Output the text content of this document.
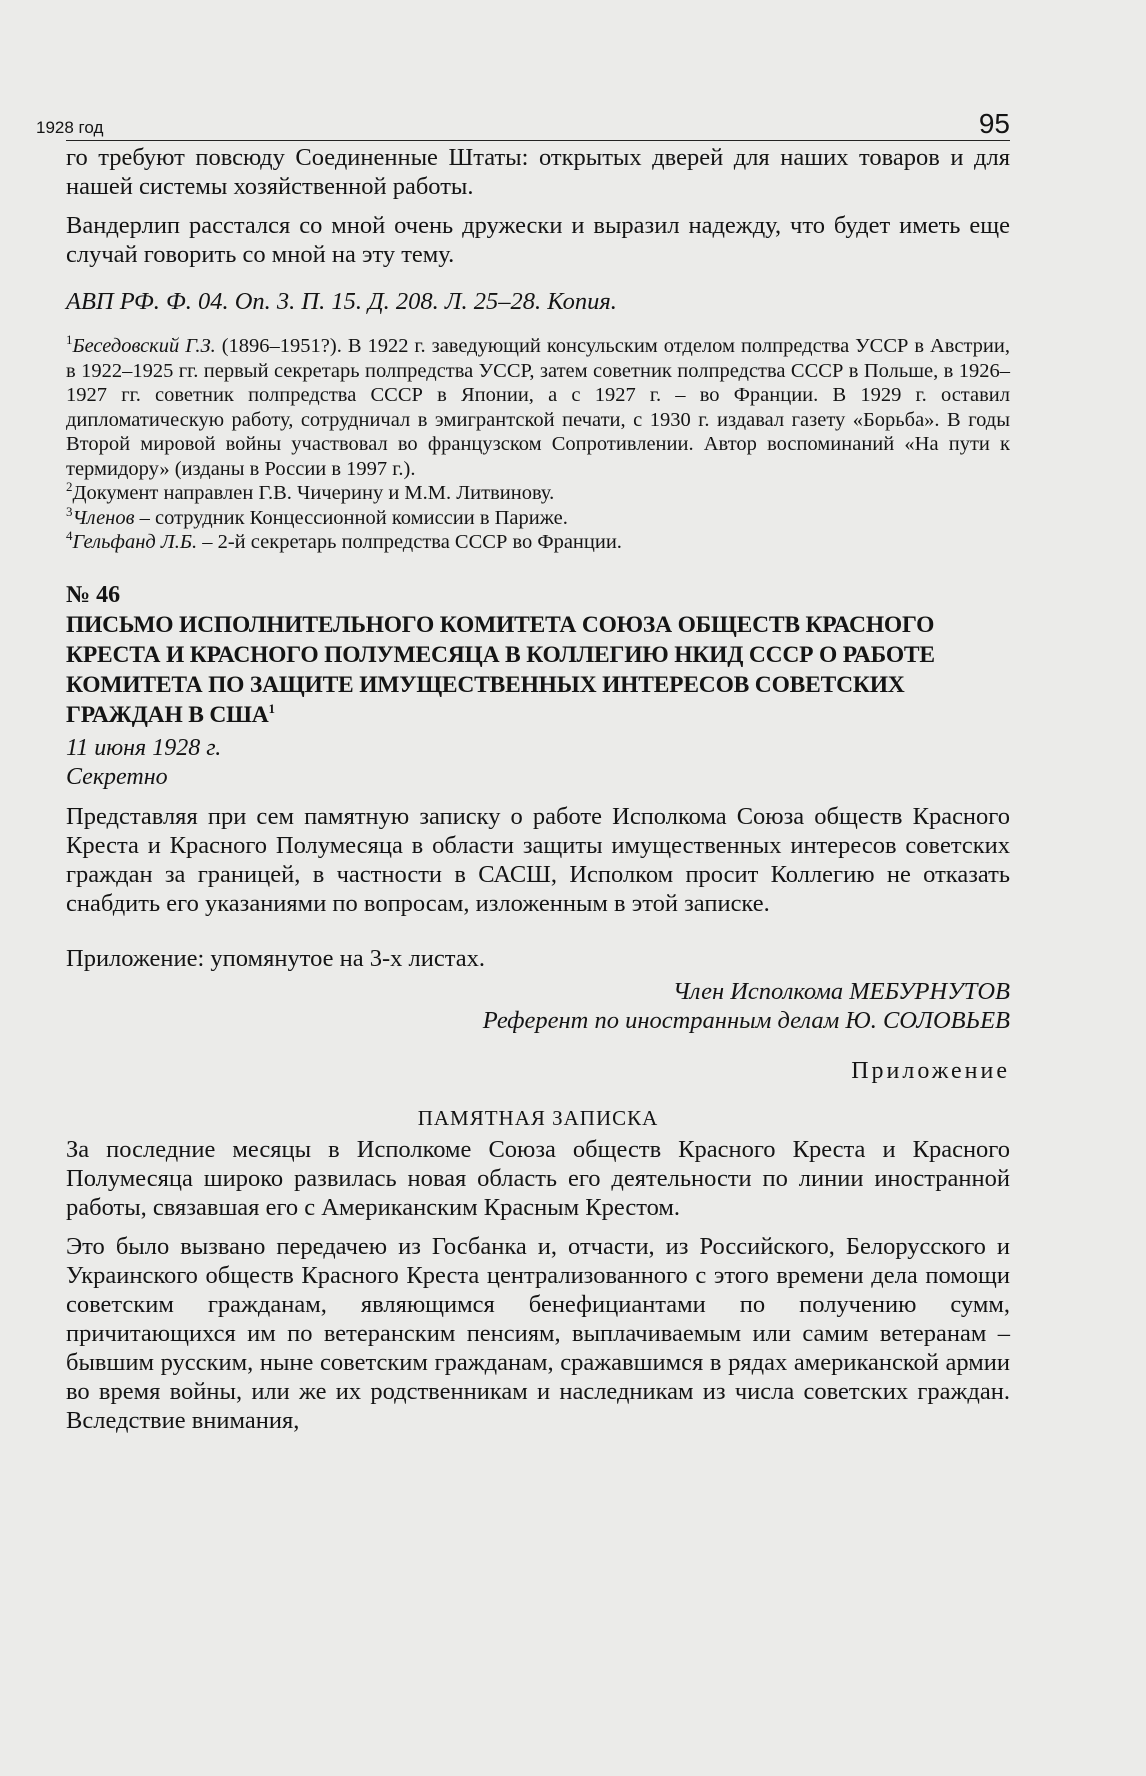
1928 год	95

го требуют повсюду Соединенные Штаты: открытых дверей для наших товаров и для нашей системы хозяйственной работы.

Вандерлип расстался со мной очень дружески и выразил надежду, что будет иметь еще случай говорить со мной на эту тему.

АВП РФ. Ф. 04. Оп. 3. П. 15. Д. 208. Л. 25–28. Копия.

$^1$Беседовский Г.З. (1896–1951?). В 1922 г. заведующий консульским отделом полпредства УССР в Австрии, в 1922–1925 гг. первый секретарь полпредства УССР, затем советник полпредства СССР в Польше, в 1926–1927 гг. советник полпредства СССР в Японии, а с 1927 г. – во Франции. В 1929 г. оставил дипломатическую работу, сотрудничал в эмигрантской печати, с 1930 г. издавал газету «Борьба». В годы Второй мировой войны участвовал во французском Сопротивлении. Автор воспоминаний «На пути к термидору» (изданы в России в 1997 г.).

$^2$Документ направлен Г.В. Чичерину и М.М. Литвинову.

$^3$Членов – сотрудник Концессионной комиссии в Париже.

$^4$Гельфанд Л.Б. – 2-й секретарь полпредства СССР во Франции.

№ 46

ПИСЬМО ИСПОЛНИТЕЛЬНОГО КОМИТЕТА СОЮЗА ОБЩЕСТВ КРАСНОГО КРЕСТА И КРАСНОГО ПОЛУМЕСЯЦА В КОЛЛЕГИЮ НКИД СССР О РАБОТЕ КОМИТЕТА ПО ЗАЩИТЕ ИМУЩЕСТВЕННЫХ ИНТЕРЕСОВ СОВЕТСКИХ ГРАЖДАН В США$^1$

11 июня 1928 г.

Секретно

Представляя при сем памятную записку о работе Исполкома Союза обществ Красного Креста и Красного Полумесяца в области защиты имущественных интересов советских граждан за границей, в частности в САСШ, Исполком просит Коллегию не отказать снабдить его указаниями по вопросам, изложенным в этой записке.

Приложение: упомянутое на 3-х листах.

Член Исполкома МЕБУРНУТОВ

Референт по иностранным делам Ю. СОЛОВЬЕВ

Приложение

ПАМЯТНАЯ ЗАПИСКА

За последние месяцы в Исполкоме Союза обществ Красного Креста и Красного Полумесяца широко развилась новая область его деятельности по линии иностранной работы, связавшая его с Американским Красным Крестом.

Это было вызвано передачею из Госбанка и, отчасти, из Российского, Белорусского и Украинского обществ Красного Креста централизованного с этого времени дела помощи советским гражданам, являющимся бенефициантами по получению сумм, причитающихся им по ветеранским пенсиям, выплачиваемым или самим ветеранам – бывшим русским, ныне советским гражданам, сражавшимся в рядах американской армии во время войны, или же их родственникам и наследникам из числа советских граждан. Вследствие внимания,
